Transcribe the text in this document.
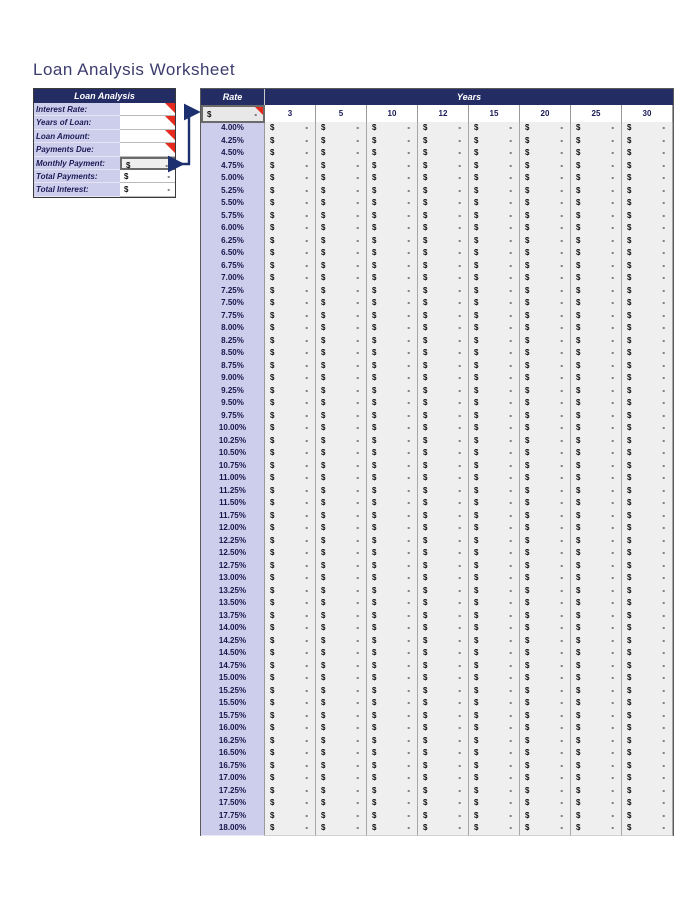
Loan Analysis Worksheet
Loan Analysis
Interest Rate:
Years of Loan:
Loan Amount:
Payments Due:
Monthly Payment:	$	-
Total Payments:	$	-
Total Interest:	$	-
Rate	Years
$	-	3	5	10	12	15	20	25	30
4.00%	$	- $	- $	- $	- $	- $	- $	- $	-
4.25%	$	- $	- $	- $	- $	- $	- $	- $	-
4.50%	$	- $	- $	- $	- $	- $	- $	- $	-
4.75%	$	- $	- $	- $	- $	- $	- $	- $	-
5.00%	$	- $	- $	- $	- $	- $	- $	- $	-
5.25%	$	- $	- $	- $	- $	- $	- $	- $	-
5.50%	$	- $	- $	- $	- $	- $	- $	- $	-
5.75%	$	- $	- $	- $	- $	- $	- $	- $	-
6.00%	$	- $	- $	- $	- $	- $	- $	- $	-
6.25%	$	- $	- $	- $	- $	- $	- $	- $	-
6.50%	$	- $	- $	- $	- $	- $	- $	- $	-
6.75%	$	- $	- $	- $	- $	- $	- $	- $	-
7.00%	$	- $	- $	- $	- $	- $	- $	- $	-
7.25%	$	- $	- $	- $	- $	- $	- $	- $	-
7.50%	$	- $	- $	- $	- $	- $	- $	- $	-
7.75%	$	- $	- $	- $	- $	- $	- $	- $	-
8.00%	$	- $	- $	- $	- $	- $	- $	- $	-
8.25%	$	- $	- $	- $	- $	- $	- $	- $	-
8.50%	$	- $	- $	- $	- $	- $	- $	- $	-
8.75%	$	- $	- $	- $	- $	- $	- $	- $	-
9.00%	$	- $	- $	- $	- $	- $	- $	- $	-
9.25%	$	- $	- $	- $	- $	- $	- $	- $	-
9.50%	$	- $	- $	- $	- $	- $	- $	- $	-
9.75%	$	- $	- $	- $	- $	- $	- $	- $	-
10.00%	$	- $	- $	- $	- $	- $	- $	- $	-
10.25%	$	- $	- $	- $	- $	- $	- $	- $	-
10.50%	$	- $	- $	- $	- $	- $	- $	- $	-
10.75%	$	- $	- $	- $	- $	- $	- $	- $	-
11.00%	$	- $	- $	- $	- $	- $	- $	- $	-
11.25%	$	- $	- $	- $	- $	- $	- $	- $	-
11.50%	$	- $	- $	- $	- $	- $	- $	- $	-
11.75%	$	- $	- $	- $	- $	- $	- $	- $	-
12.00%	$	- $	- $	- $	- $	- $	- $	- $	-
12.25%	$	- $	- $	- $	- $	- $	- $	- $	-
12.50%	$	- $	- $	- $	- $	- $	- $	- $	-
12.75%	$	- $	- $	- $	- $	- $	- $	- $	-
13.00%	$	- $	- $	- $	- $	- $	- $	- $	-
13.25%	$	- $	- $	- $	- $	- $	- $	- $	-
13.50%	$	- $	- $	- $	- $	- $	- $	- $	-
13.75%	$	- $	- $	- $	- $	- $	- $	- $	-
14.00%	$	- $	- $	- $	- $	- $	- $	- $	-
14.25%	$	- $	- $	- $	- $	- $	- $	- $	-
14.50%	$	- $	- $	- $	- $	- $	- $	- $	-
14.75%	$	- $	- $	- $	- $	- $	- $	- $	-
15.00%	$	- $	- $	- $	- $	- $	- $	- $	-
15.25%	$	- $	- $	- $	- $	- $	- $	- $	-
15.50%	$	- $	- $	- $	- $	- $	- $	- $	-
15.75%	$	- $	- $	- $	- $	- $	- $	- $	-
16.00%	$	- $	- $	- $	- $	- $	- $	- $	-
16.25%	$	- $	- $	- $	- $	- $	- $	- $	-
16.50%	$	- $	- $	- $	- $	- $	- $	- $	-
16.75%	$	- $	- $	- $	- $	- $	- $	- $	-
17.00%	$	- $	- $	- $	- $	- $	- $	- $	-
17.25%	$	- $	- $	- $	- $	- $	- $	- $	-
17.50%	$	- $	- $	- $	- $	- $	- $	- $	-
17.75%	$	- $	- $	- $	- $	- $	- $	- $	-
18.00%	$	- $	- $	- $	- $	- $	- $	- $	-
